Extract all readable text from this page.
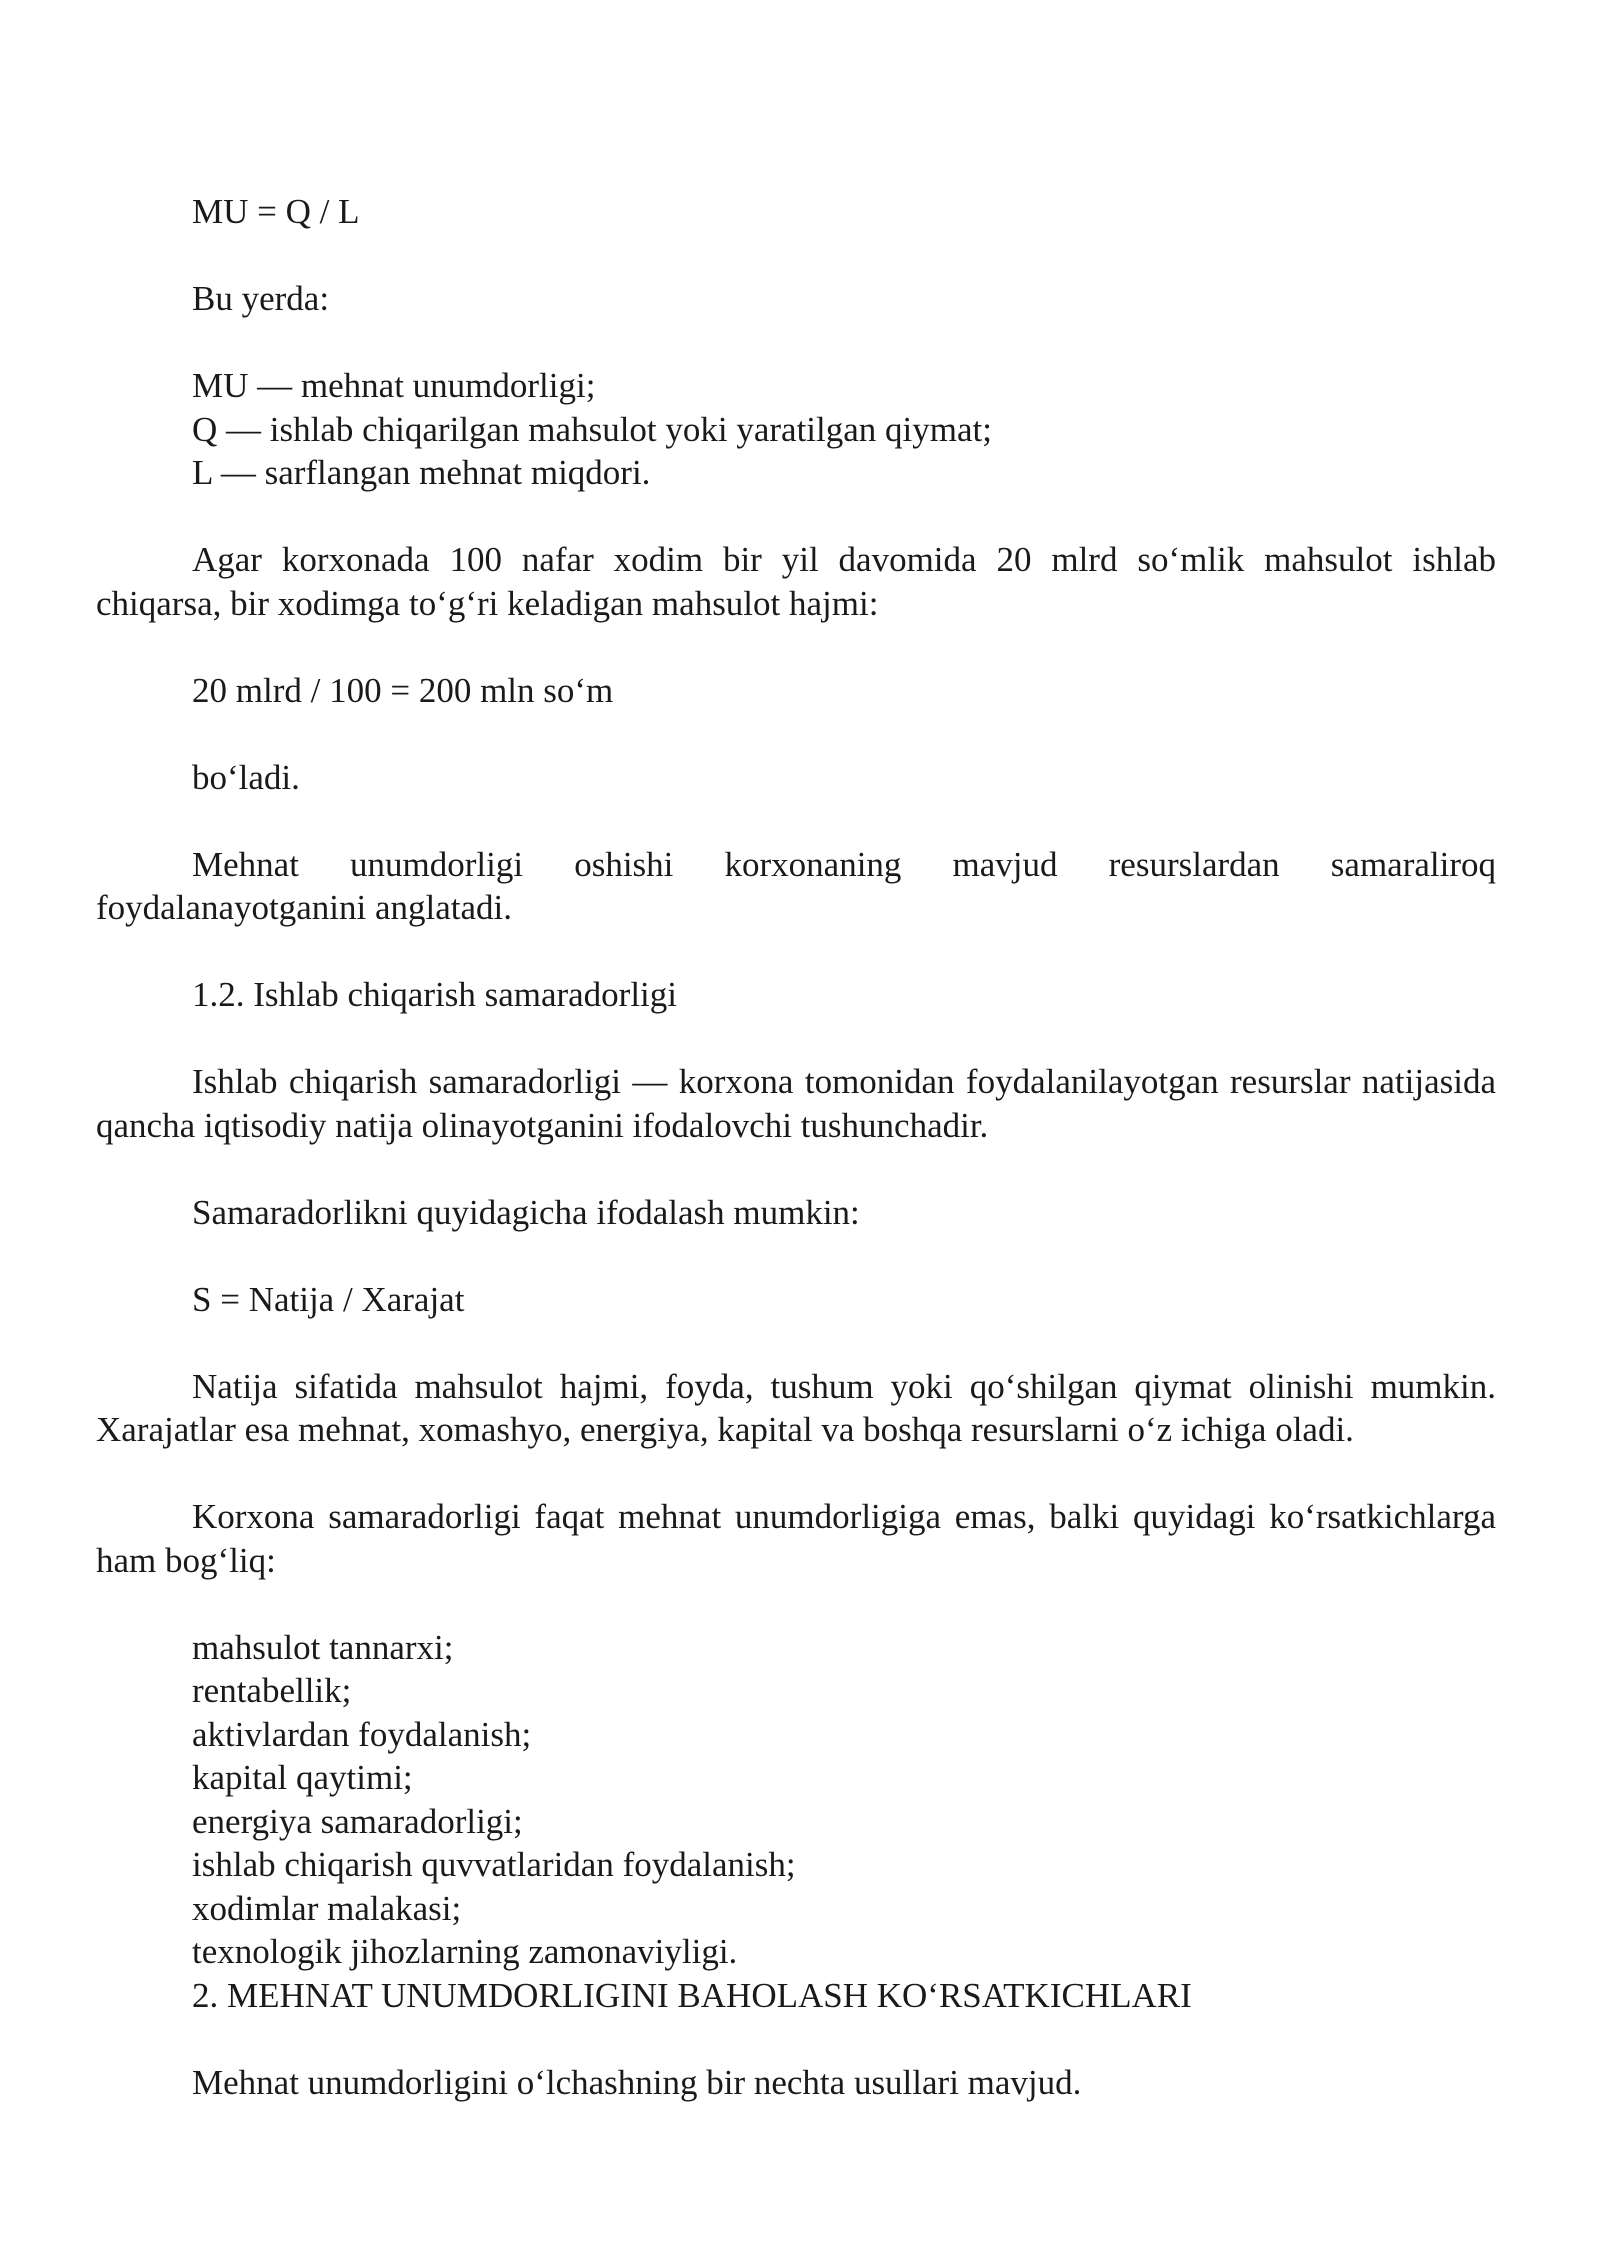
MU = Q / L
Bu yerda:
MU — mehnat unumdorligi;
Q — ishlab chiqarilgan mahsulot yoki yaratilgan qiymat;
L — sarflangan mehnat miqdori.
Agar korxonada 100 nafar xodim bir yil davomida 20 mlrd so‘mlik mahsulot ishlab chiqarsa, bir xodimga to‘g‘ri keladigan mahsulot hajmi:
20 mlrd / 100 = 200 mln so‘m
bo‘ladi.
Mehnat unumdorligi oshishi korxonaning mavjud resurslardan samaraliroq foydalanayotganini anglatadi.
1.2. Ishlab chiqarish samaradorligi
Ishlab chiqarish samaradorligi — korxona tomonidan foydalanilayotgan resurslar natijasida qancha iqtisodiy natija olinayotganini ifodalovchi tushunchadir.
Samaradorlikni quyidagicha ifodalash mumkin:
S = Natija / Xarajat
Natija sifatida mahsulot hajmi, foyda, tushum yoki qo‘shilgan qiymat olinishi mumkin. Xarajatlar esa mehnat, xomashyo, energiya, kapital va boshqa resurslarni o‘z ichiga oladi.
Korxona samaradorligi faqat mehnat unumdorligiga emas, balki quyidagi ko‘rsatkichlarga ham bog‘liq:
mahsulot tannarxi;
rentabellik;
aktivlardan foydalanish;
kapital qaytimi;
energiya samaradorligi;
ishlab chiqarish quvvatlaridan foydalanish;
xodimlar malakasi;
texnologik jihozlarning zamonaviyligi.
2. MEHNAT UNUMDORLIGINI BAHOLASH KO‘RSATKICHLARI
Mehnat unumdorligini o‘lchashning bir nechta usullari mavjud.
